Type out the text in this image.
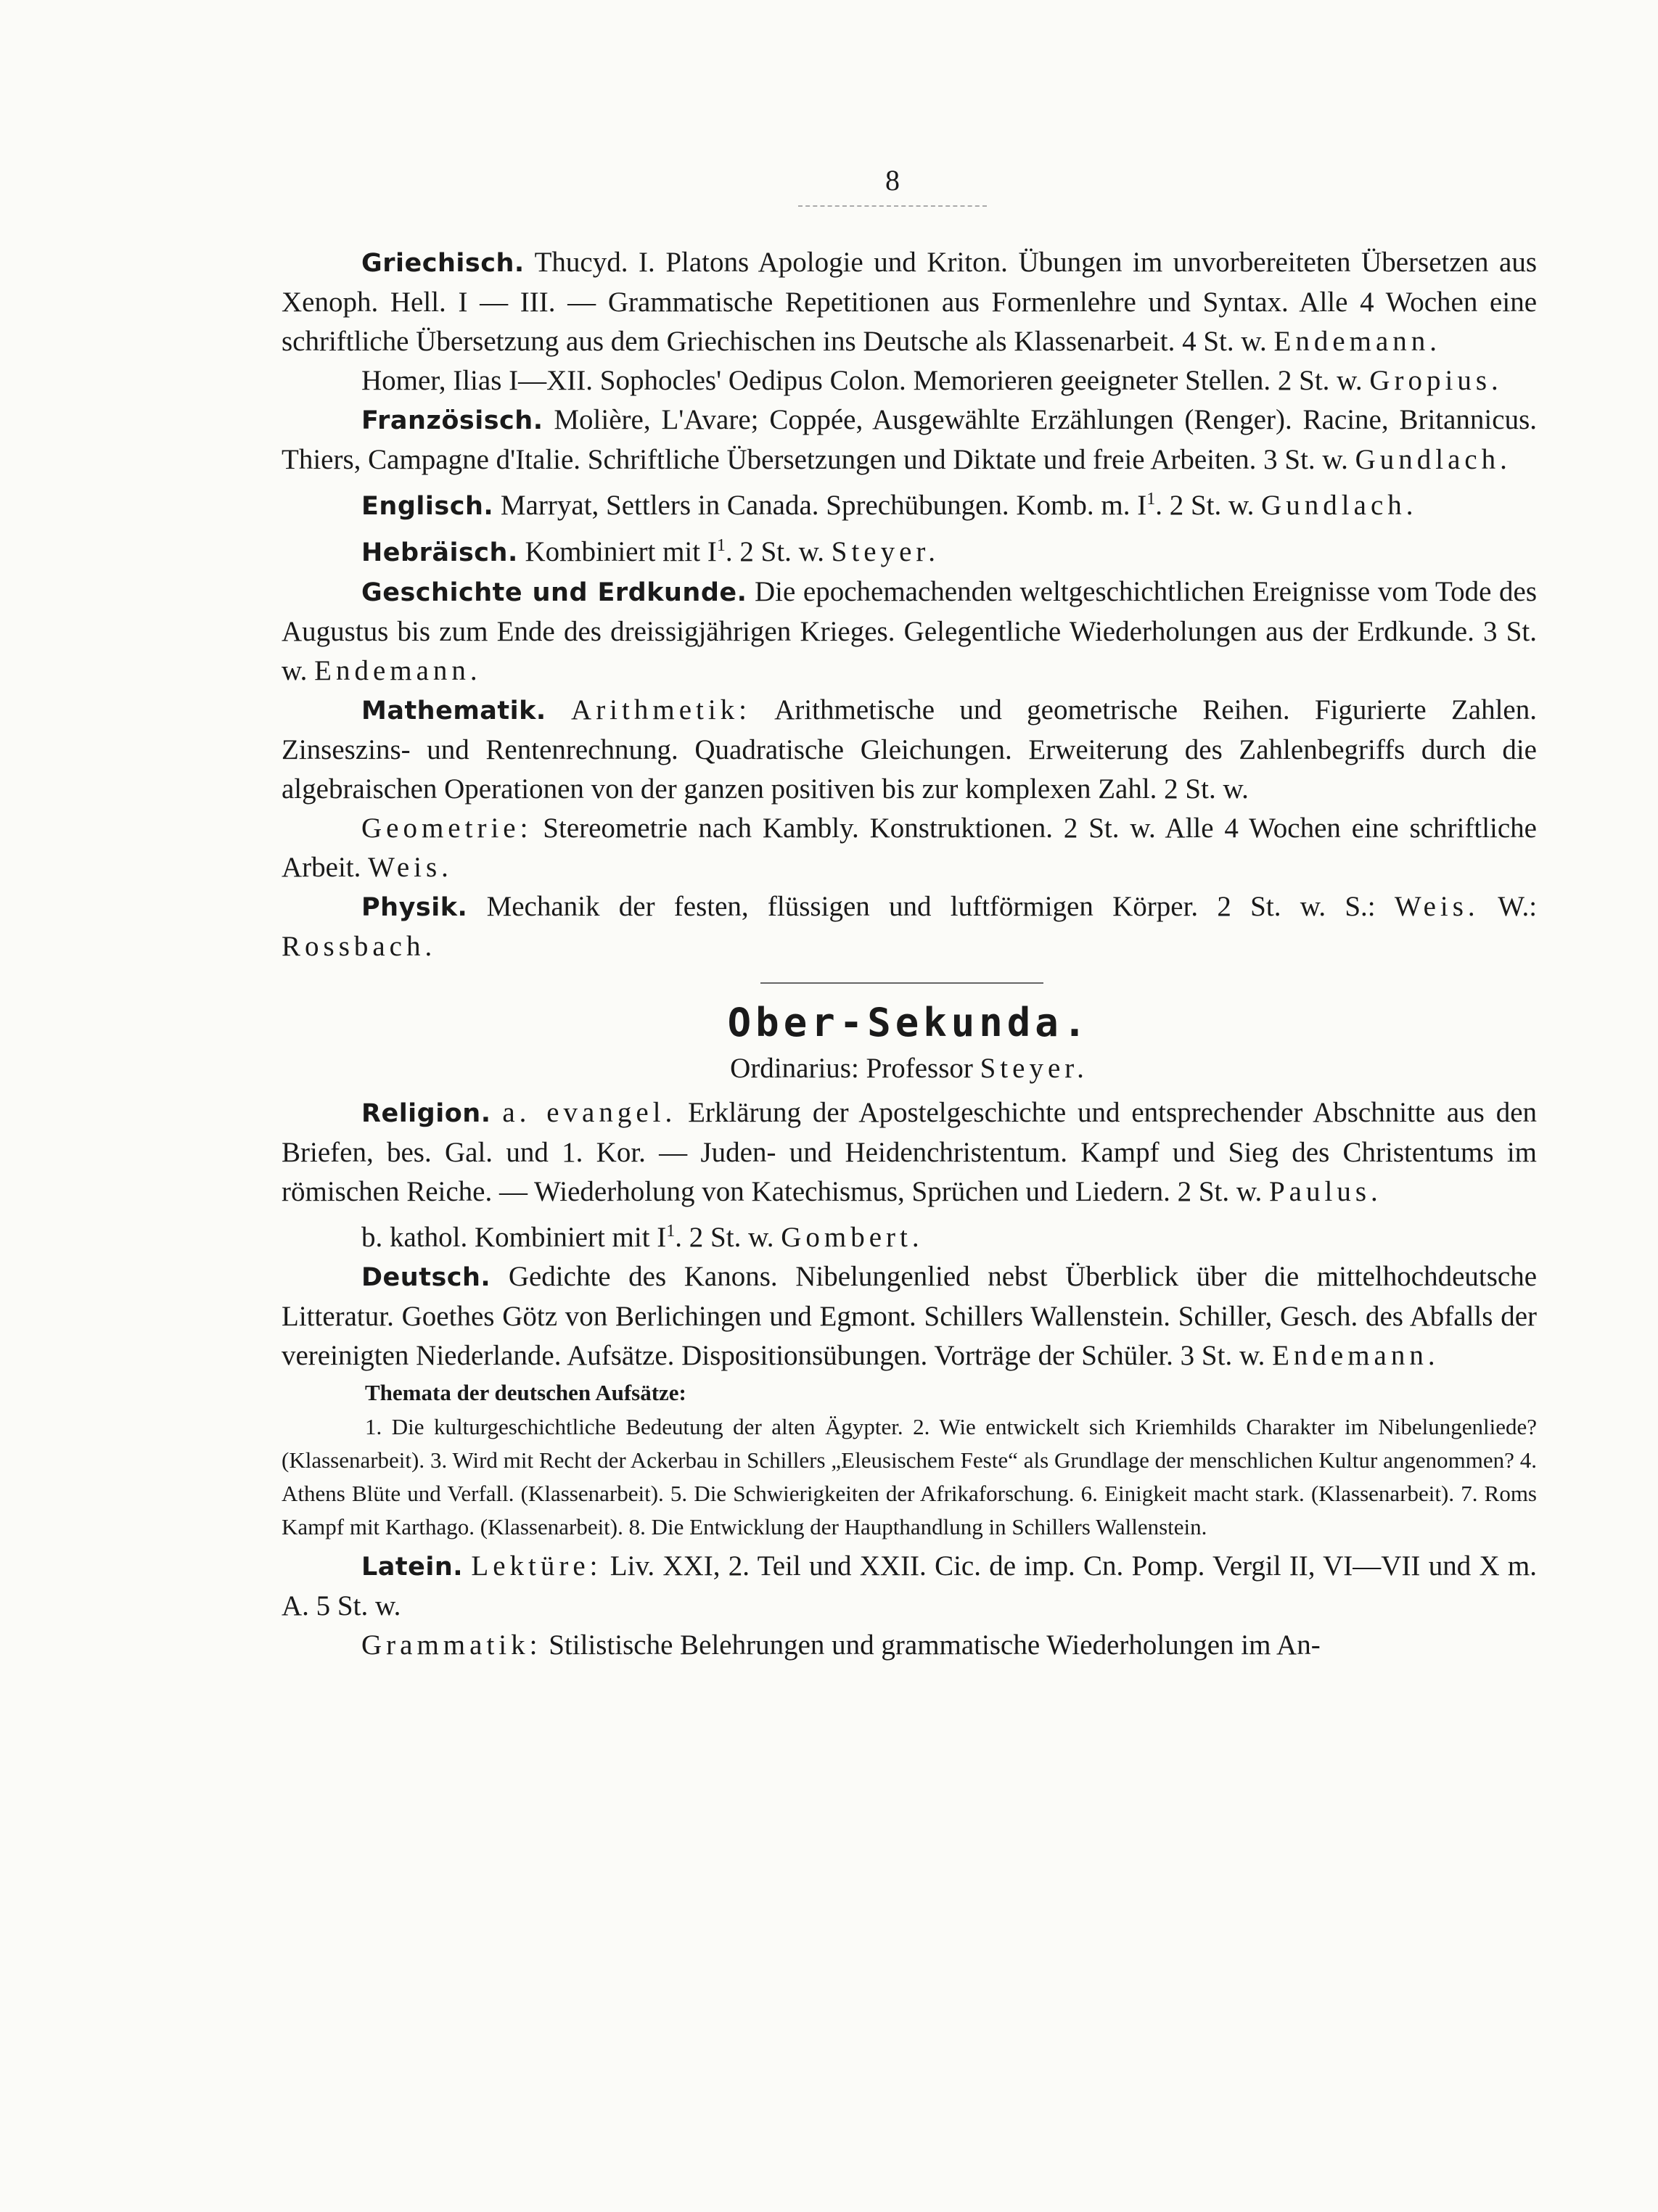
8

Griechisch. Thucyd. I. Platons Apologie und Kriton. Übungen im unvorbereiteten Übersetzen aus Xenoph. Hell. I — III. — Grammatische Repetitionen aus Formenlehre und Syntax. Alle 4 Wochen eine schriftliche Übersetzung aus dem Griechischen ins Deutsche als Klassenarbeit. 4 St. w. Endemann.

Homer, Ilias I—XII. Sophocles' Oedipus Colon. Memorieren geeigneter Stellen. 2 St. w. Gropius.

Französisch. Molière, L'Avare; Coppée, Ausgewählte Erzählungen (Renger). Racine, Britannicus. Thiers, Campagne d'Italie. Schriftliche Übersetzungen und Diktate und freie Arbeiten. 3 St. w. Gundlach.

Englisch. Marryat, Settlers in Canada. Sprechübungen. Komb. m. $I^1$. 2 St. w. Gundlach.

Hebräisch. Kombiniert mit $I^1$. 2 St. w. Steyer.

Geschichte und Erdkunde. Die epochemachenden weltgeschichtlichen Ereignisse vom Tode des Augustus bis zum Ende des dreissigjährigen Krieges. Gelegentliche Wiederholungen aus der Erdkunde. 3 St. w. Endemann.

Mathematik. Arithmetik: Arithmetische und geometrische Reihen. Figurierte Zahlen. Zinseszins- und Rentenrechnung. Quadratische Gleichungen. Erweiterung des Zahlenbegriffs durch die algebraischen Operationen von der ganzen positiven bis zur komplexen Zahl. 2 St. w.

Geometrie: Stereometrie nach Kambly. Konstruktionen. 2 St. w. Alle 4 Wochen eine schriftliche Arbeit. Weis.

Physik. Mechanik der festen, flüssigen und luftförmigen Körper. 2 St. w. S.: Weis. W.: Rossbach.

Ober-Sekunda.
Ordinarius: Professor Steyer.

Religion. a. evangel. Erklärung der Apostelgeschichte und entsprechender Abschnitte aus den Briefen, bes. Gal. und 1. Kor. — Juden- und Heidenchristentum. Kampf und Sieg des Christentums im römischen Reiche. — Wiederholung von Katechismus, Sprüchen und Liedern. 2 St. w. Paulus.

b. kathol. Kombiniert mit $I^1$. 2 St. w. Gombert.

Deutsch. Gedichte des Kanons. Nibelungenlied nebst Überblick über die mittelhochdeutsche Litteratur. Goethes Götz von Berlichingen und Egmont. Schillers Wallenstein. Schiller, Gesch. des Abfalls der vereinigten Niederlande. Aufsätze. Dispositionsübungen. Vorträge der Schüler. 3 St. w. Endemann.

Themata der deutschen Aufsätze:

1. Die kulturgeschichtliche Bedeutung der alten Ägypter. 2. Wie entwickelt sich Kriemhilds Charakter im Nibelungenliede? (Klassenarbeit). 3. Wird mit Recht der Ackerbau in Schillers „Eleusischem Feste“ als Grundlage der menschlichen Kultur angenommen? 4. Athens Blüte und Verfall. (Klassenarbeit). 5. Die Schwierigkeiten der Afrikaforschung. 6. Einigkeit macht stark. (Klassenarbeit). 7. Roms Kampf mit Karthago. (Klassenarbeit). 8. Die Entwicklung der Haupthandlung in Schillers Wallenstein.

Latein. Lektüre: Liv. XXI, 2. Teil und XXII. Cic. de imp. Cn. Pomp. Vergil II, VI—VII und X m. A. 5 St. w.

Grammatik: Stilistische Belehrungen und grammatische Wiederholungen im An-
